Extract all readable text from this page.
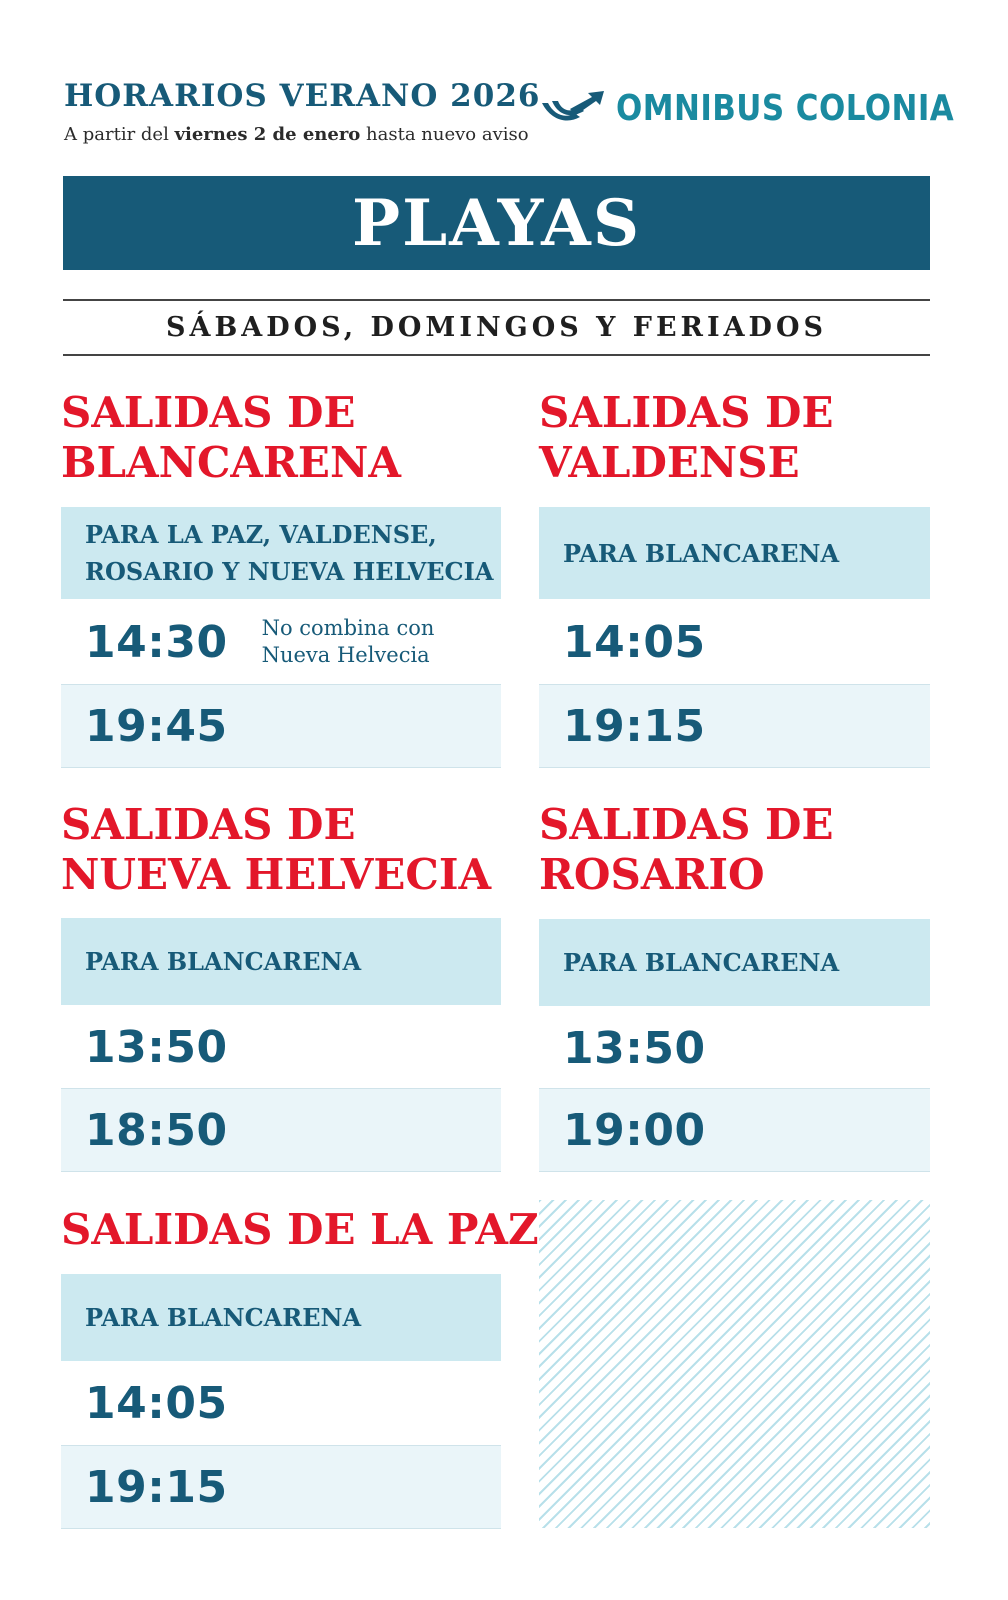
HORARIOS VERANO 2026
A partir del viernes 2 de enero hasta nuevo aviso
OMNIBUS COLONIA
PLAYAS
SÁBADOS, DOMINGOS Y FERIADOS
SALIDAS DE
BLANCARENA
PARA LA PAZ, VALDENSE,
ROSARIO Y NUEVA HELVECIA
14:30 No combina con
Nueva Helvecia
19:45
SALIDAS DE
VALDENSE
PARA BLANCARENA
14:05
19:15
SALIDAS DE
NUEVA HELVECIA
PARA BLANCARENA
13:50
18:50
SALIDAS DE
ROSARIO
PARA BLANCARENA
13:50
19:00
SALIDAS DE LA PAZ
PARA BLANCARENA
14:05
19:15
